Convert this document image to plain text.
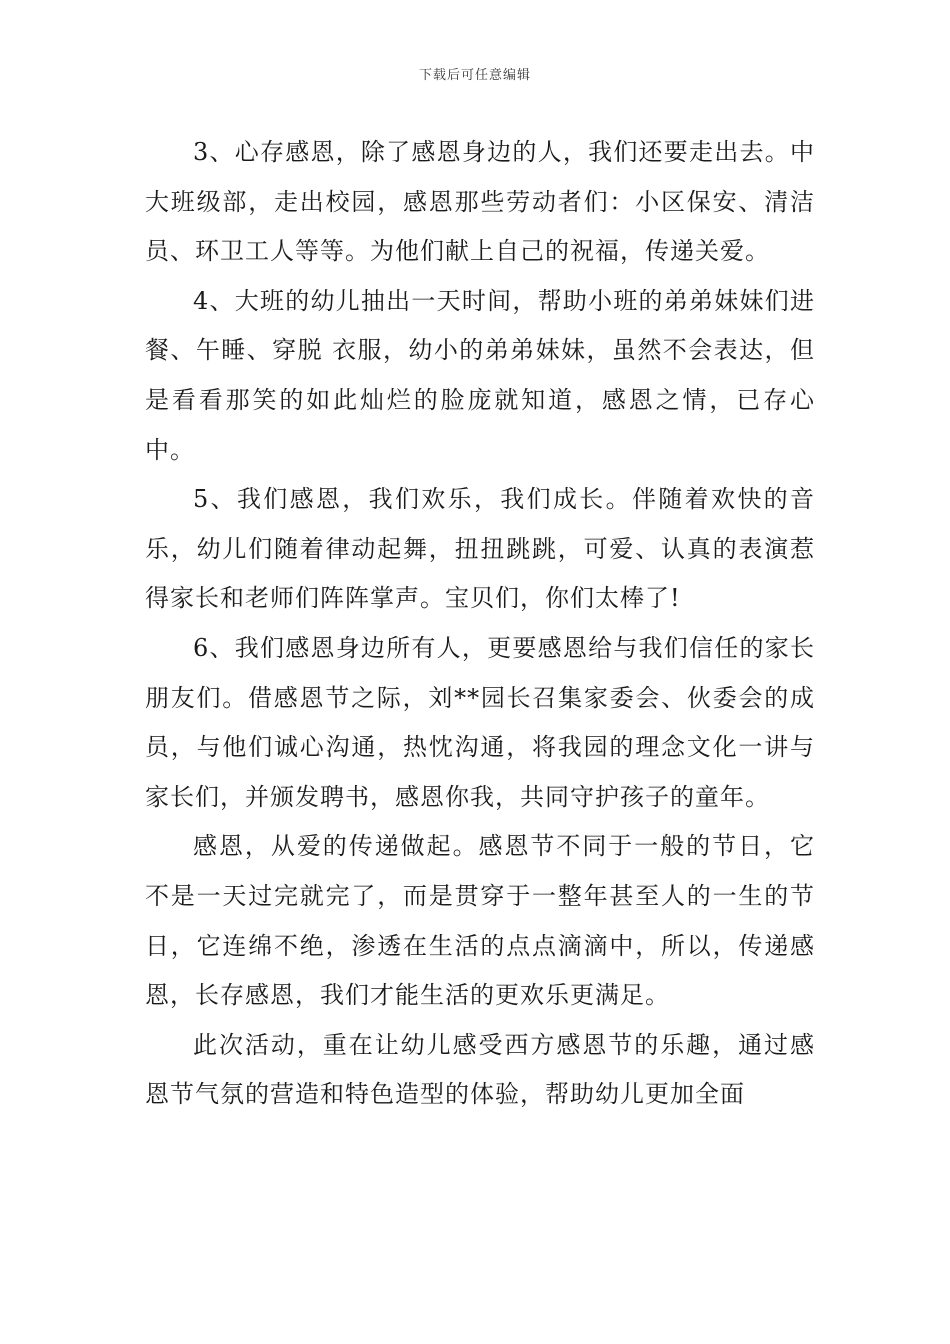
下载后可任意编辑

3、心存感恩，除了感恩身边的人，我们还要走出去。中大班级部，走出校园，感恩那些劳动者们：小区保安、清洁员、环卫工人等等。为他们献上自己的祝福，传递关爱。

4、大班的幼儿抽出一天时间，帮助小班的弟弟妹妹们进餐、午睡、穿脱 衣服，幼小的弟弟妹妹，虽然不会表达，但是看看那笑的如此灿烂的脸庞就知道，感恩之情，已存心中。

5、我们感恩，我们欢乐，我们成长。伴随着欢快的音乐，幼儿们随着律动起舞，扭扭跳跳，可爱、认真的表演惹得家长和老师们阵阵掌声。宝贝们，你们太棒了!

6、我们感恩身边所有人，更要感恩给与我们信任的家长朋友们。借感恩节之际，刘**园长召集家委会、伙委会的成员，与他们诚心沟通，热忱沟通，将我园的理念文化一讲与家长们，并颁发聘书，感恩你我，共同守护孩子的童年。

感恩，从爱的传递做起。感恩节不同于一般的节日，它不是一天过完就完了，而是贯穿于一整年甚至人的一生的节日，它连绵不绝，渗透在生活的点点滴滴中，所以，传递感恩，长存感恩，我们才能生活的更欢乐更满足。

此次活动，重在让幼儿感受西方感恩节的乐趣，通过感恩节气氛的营造和特色造型的体验，帮助幼儿更加全面
